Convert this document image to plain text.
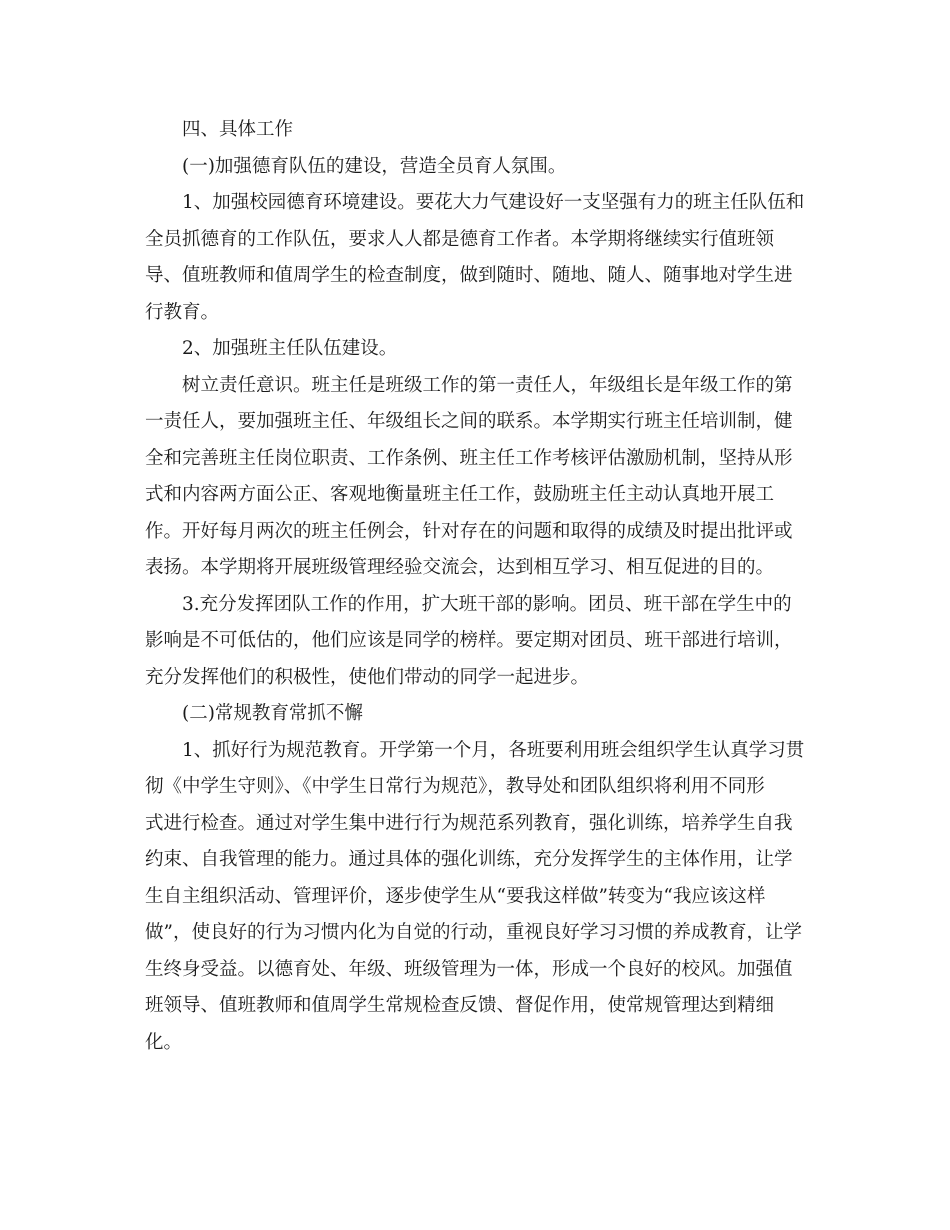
四、具体工作

(一)加强德育队伍的建设，营造全员育人氛围。

1、加强校园德育环境建设。要花大力气建设好一支坚强有力的班主任队伍和
全员抓德育的工作队伍，要求人人都是德育工作者。本学期将继续实行值班领
导、值班教师和值周学生的检查制度，做到随时、随地、随人、随事地对学生进
行教育。

2、加强班主任队伍建设。

树立责任意识。班主任是班级工作的第一责任人，年级组长是年级工作的第
一责任人，要加强班主任、年级组长之间的联系。本学期实行班主任培训制，健
全和完善班主任岗位职责、工作条例、班主任工作考核评估激励机制，坚持从形
式和内容两方面公正、客观地衡量班主任工作，鼓励班主任主动认真地开展工
作。开好每月两次的班主任例会，针对存在的问题和取得的成绩及时提出批评或
表扬。本学期将开展班级管理经验交流会，达到相互学习、相互促进的目的。

3.充分发挥团队工作的作用，扩大班干部的影响。团员、班干部在学生中的
影响是不可低估的，他们应该是同学的榜样。要定期对团员、班干部进行培训，
充分发挥他们的积极性，使他们带动的同学一起进步。

(二)常规教育常抓不懈

1、抓好行为规范教育。开学第一个月，各班要利用班会组织学生认真学习贯
彻《中学生守则》、《中学生日常行为规范》，教导处和团队组织将利用不同形
式进行检查。通过对学生集中进行行为规范系列教育，强化训练，培养学生自我
约束、自我管理的能力。通过具体的强化训练，充分发挥学生的主体作用，让学
生自主组织活动、管理评价，逐步使学生从“要我这样做”转变为“我应该这样
做”，使良好的行为习惯内化为自觉的行动，重视良好学习习惯的养成教育，让学
生终身受益。以德育处、年级、班级管理为一体，形成一个良好的校风。加强值
班领导、值班教师和值周学生常规检查反馈、督促作用，使常规管理达到精细
化。
